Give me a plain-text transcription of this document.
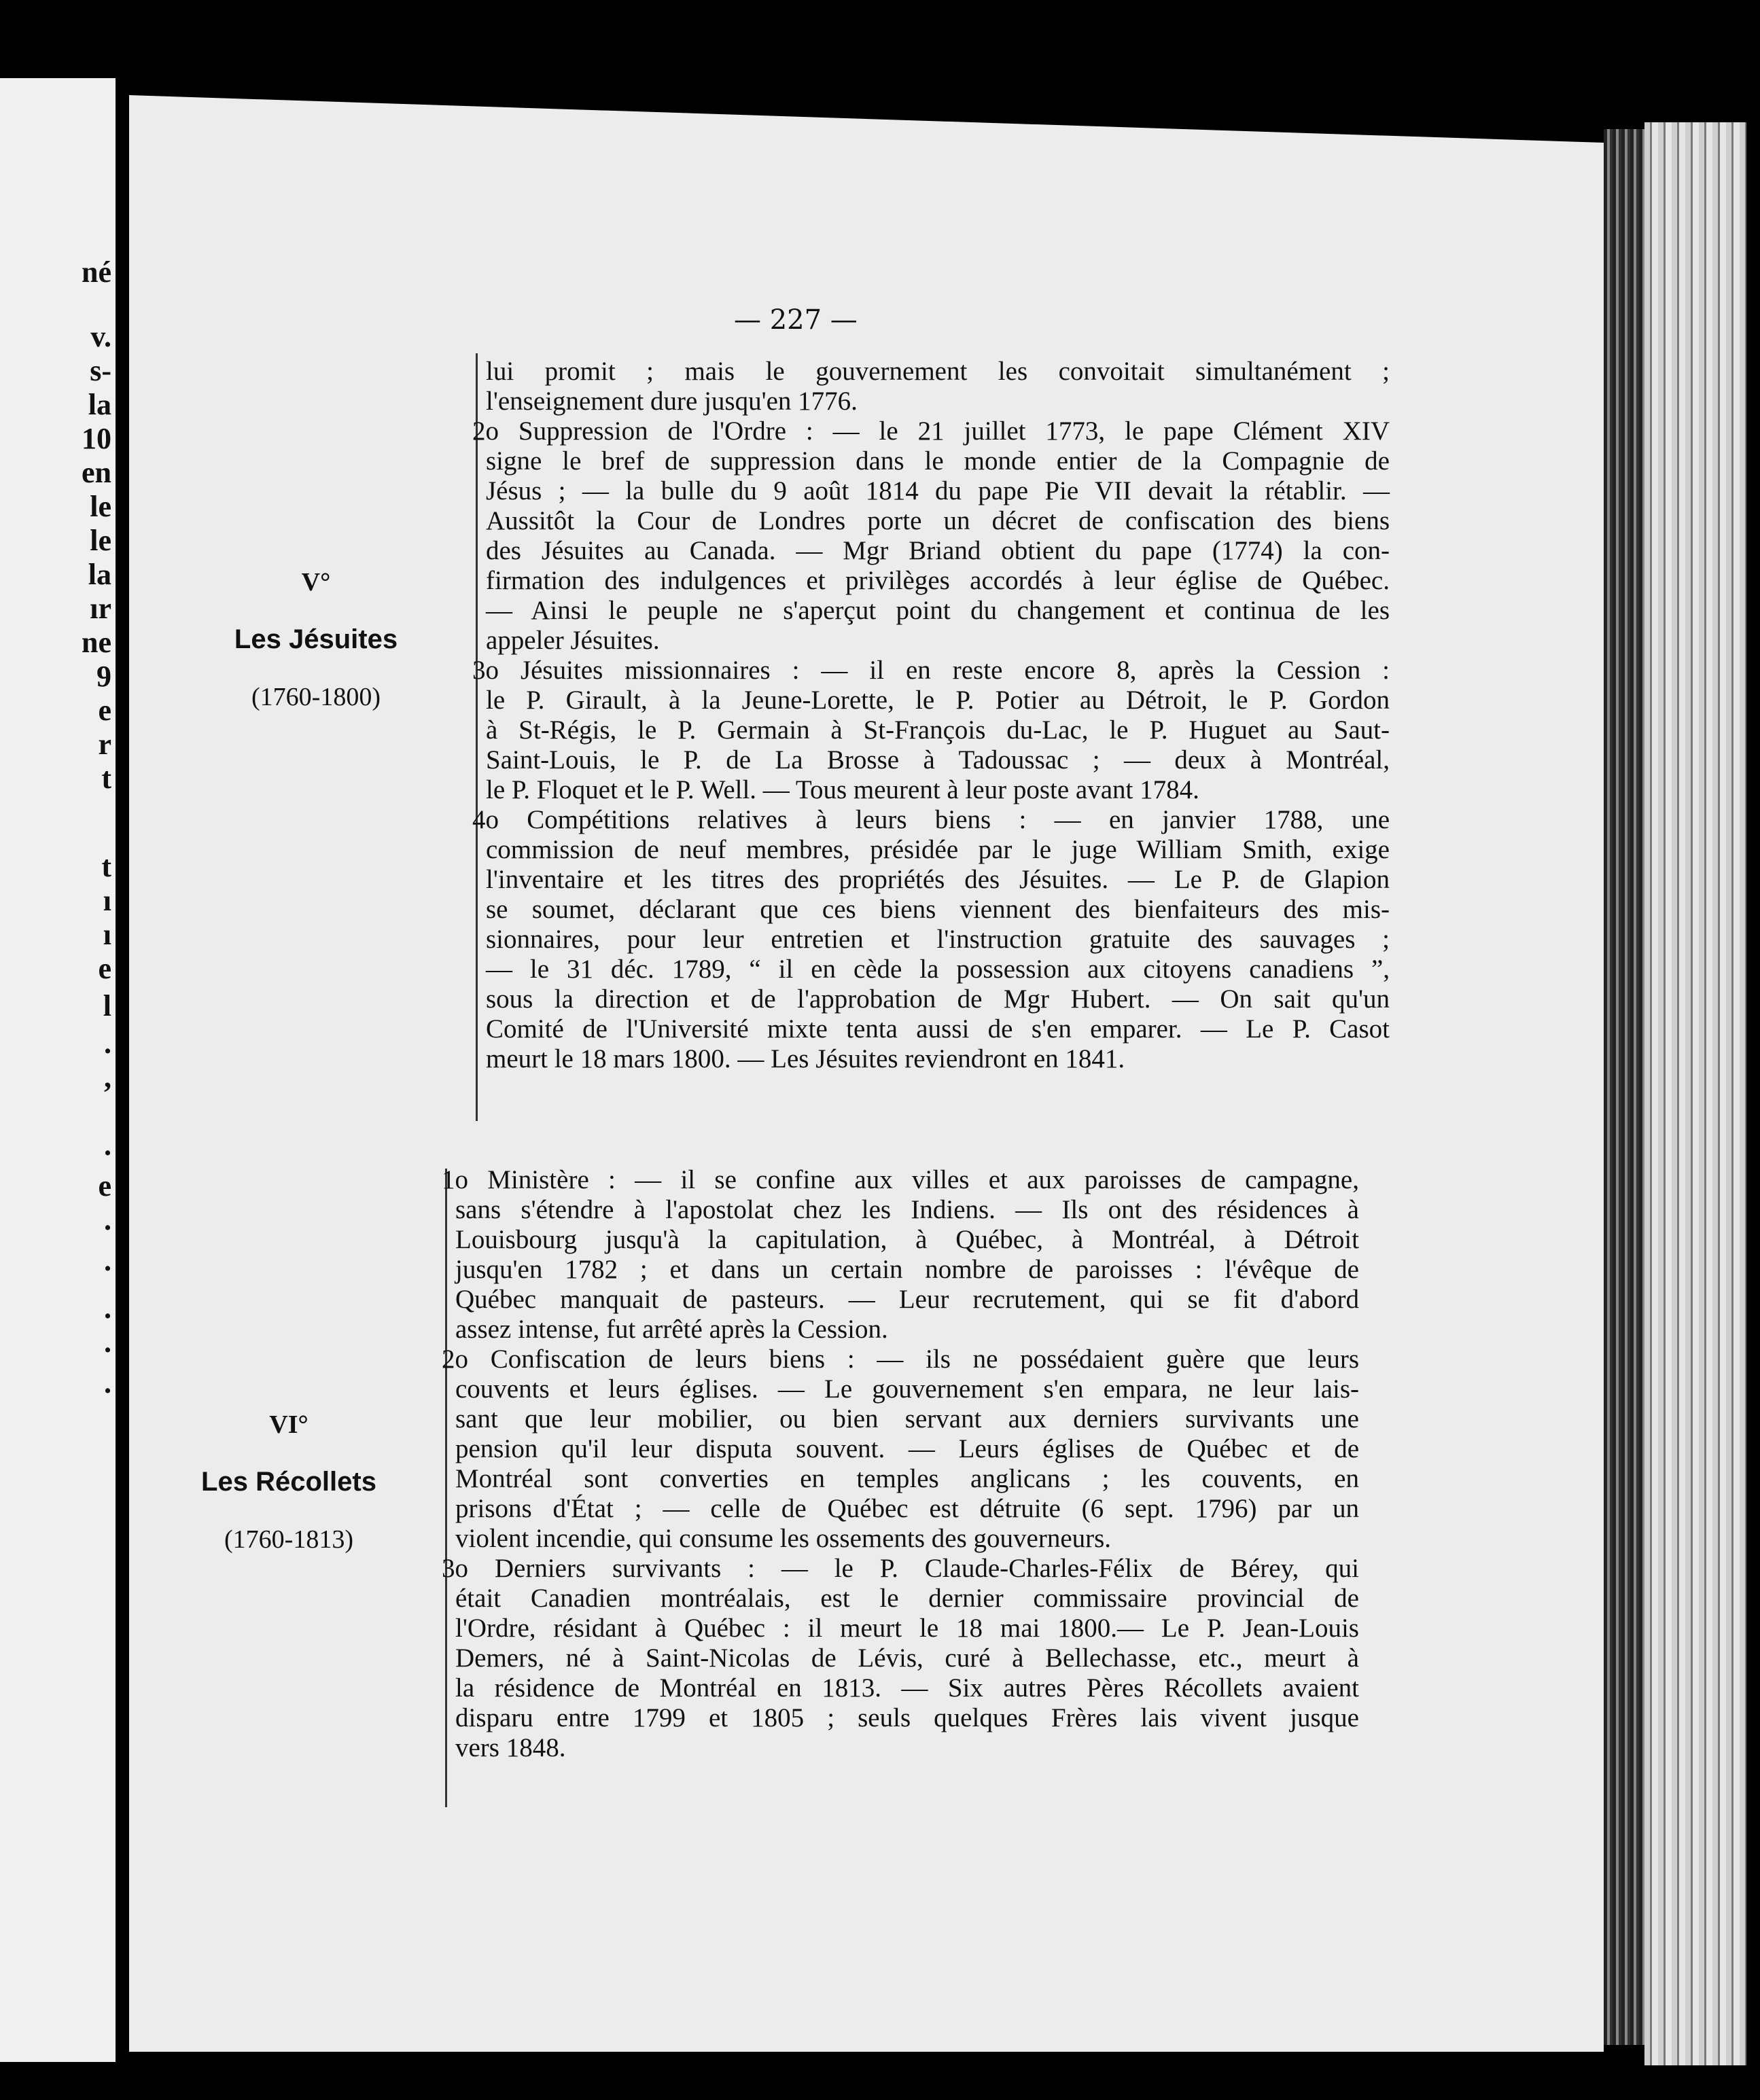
né
v.
s-
la
10
en
le
le
la
ır
ne
9
e
r
t
t
ı
ı
e
l
.
,
.
e
.
.
.
.
.
— 227 —
V°
Les Jésuites
(1760-1800)
VI°
Les Récollets
(1760-1813)
lui promit ; mais le gouvernement les convoitait simultanément ;
l'enseignement dure jusqu'en 1776.
2o Suppression de l'Ordre : — le 21 juillet 1773, le pape Clément XIV
signe le bref de suppression dans le monde entier de la Compagnie de
Jésus ; — la bulle du 9 août 1814 du pape Pie VII devait la rétablir. —
Aussitôt la Cour de Londres porte un décret de confiscation des biens
des Jésuites au Canada. — Mgr Briand obtient du pape (1774) la con-
firmation des indulgences et privilèges accordés à leur église de Québec.
— Ainsi le peuple ne s'aperçut point du changement et continua de les
appeler Jésuites.
3o Jésuites missionnaires : — il en reste encore 8, après la Cession :
le P. Girault, à la Jeune-Lorette, le P. Potier au Détroit, le P. Gordon
à St-Régis, le P. Germain à St-François du-Lac, le P. Huguet au Saut-
Saint-Louis, le P. de La Brosse à Tadoussac ; — deux à Montréal,
le P. Floquet et le P. Well. — Tous meurent à leur poste avant 1784.
4o Compétitions relatives à leurs biens : — en janvier 1788, une
commission de neuf membres, présidée par le juge William Smith, exige
l'inventaire et les titres des propriétés des Jésuites. — Le P. de Glapion
se soumet, déclarant que ces biens viennent des bienfaiteurs des mis-
sionnaires, pour leur entretien et l'instruction gratuite des sauvages ;
— le 31 déc. 1789, “ il en cède la possession aux citoyens canadiens ”,
sous la direction et de l'approbation de Mgr Hubert. — On sait qu'un
Comité de l'Université mixte tenta aussi de s'en emparer. — Le P. Casot
meurt le 18 mars 1800. — Les Jésuites reviendront en 1841.
1o Ministère : — il se confine aux villes et aux paroisses de campagne,
sans s'étendre à l'apostolat chez les Indiens. — Ils ont des résidences à
Louisbourg jusqu'à la capitulation, à Québec, à Montréal, à Détroit
jusqu'en 1782 ; et dans un certain nombre de paroisses : l'évêque de
Québec manquait de pasteurs. — Leur recrutement, qui se fit d'abord
assez intense, fut arrêté après la Cession.
2o Confiscation de leurs biens : — ils ne possédaient guère que leurs
couvents et leurs églises. — Le gouvernement s'en empara, ne leur lais-
sant que leur mobilier, ou bien servant aux derniers survivants une
pension qu'il leur disputa souvent. — Leurs églises de Québec et de
Montréal sont converties en temples anglicans ; les couvents, en
prisons d'État ; — celle de Québec est détruite (6 sept. 1796) par un
violent incendie, qui consume les ossements des gouverneurs.
3o Derniers survivants : — le P. Claude-Charles-Félix de Bérey, qui
était Canadien montréalais, est le dernier commissaire provincial de
l'Ordre, résidant à Québec : il meurt le 18 mai 1800.— Le P. Jean-Louis
Demers, né à Saint-Nicolas de Lévis, curé à Bellechasse, etc., meurt à
la résidence de Montréal en 1813. — Six autres Pères Récollets avaient
disparu entre 1799 et 1805 ; seuls quelques Frères lais vivent jusque
vers 1848.
